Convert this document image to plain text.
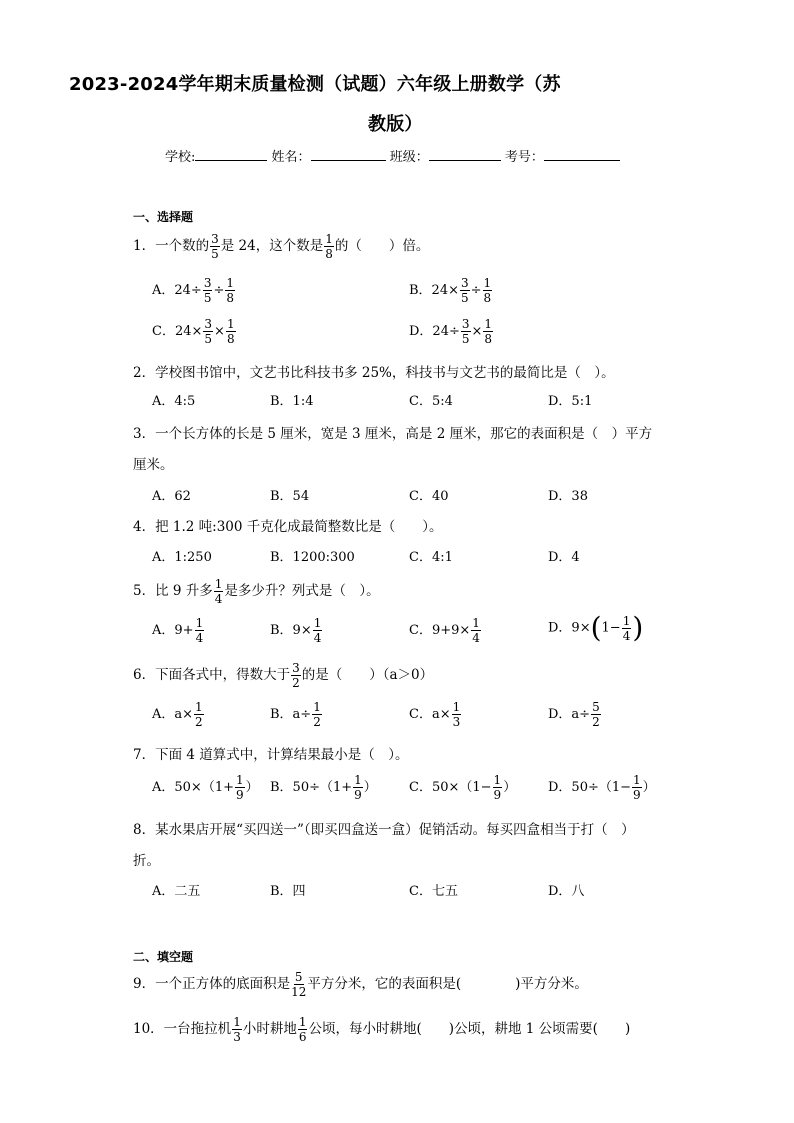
2023-2024学年期末质量检测（试题）六年级上册数学（苏
教版）
学校:	姓名：	班级：	考号：
一、选择题
1．一个数的 $\frac{3}{5}$ 是 24，这个数是 $\frac{1}{8}$ 的（　　）倍。
A．$24\div \frac{3}{5} \div \frac{1}{8}$	B．$24\times \frac{3}{5} \div \frac{1}{8}$
C．$24\times \frac{3}{5} \times \frac{1}{8}$	D．$24\div \frac{3}{5} \times \frac{1}{8}$
2．学校图书馆中，文艺书比科技书多 25%，科技书与文艺书的最简比是（　）。
A．4:5	B．1:4	C．5:4	D．5:1
3．一个长方体的长是 5 厘米，宽是 3 厘米，高是 2 厘米，那它的表面积是（　）平方
厘米。
A．62	B．54	C．40	D．38
4．把 1.2 吨:300 千克化成最简整数比是（　　）。
A．1:250	B．1200:300	C．4:1	D．4
5．比 9 升多 $\frac{1}{4}$ 是多少升？列式是（　）。
A．$9+ \frac{1}{4}$	B．$9\times \frac{1}{4}$	C．$9+9\times \frac{1}{4}$	D．$9\times(1- \frac{1}{4}$ )
6．下面各式中，得数大于 $\frac{3}{2}$ 的是（　　）（a＞0）
A．$a\times \frac{1}{2}$	B．$a\div \frac{1}{2}$	C．$a\times \frac{1}{3}$	D．$a\div \frac{5}{2}$
7．下面 4 道算式中，计算结果最小是（　）。
A．$50\times(1+ \frac{1}{9}$ ） B．$50\div(1+ \frac{1}{9}$ ） C．$50\times(1- \frac{1}{9}$ ） D．$50\div(1- \frac{1}{9}$ ）
8．某水果店开展“买四送一”（即买四盒送一盒）促销活动。每买四盒相当于打（　）
折。
A．二五	B．四	C．七五	D．八
二、填空题
9．一个正方体的底面积是 $\frac{5}{12}$ 平方分米，它的表面积是(　　　　)平方分米。
10．一台拖拉机 $\frac{1}{3}$ 小时耕地 $\frac{1}{6}$ 公顷，每小时耕地(　　)公顷，耕地 1 公顷需要(　　)
